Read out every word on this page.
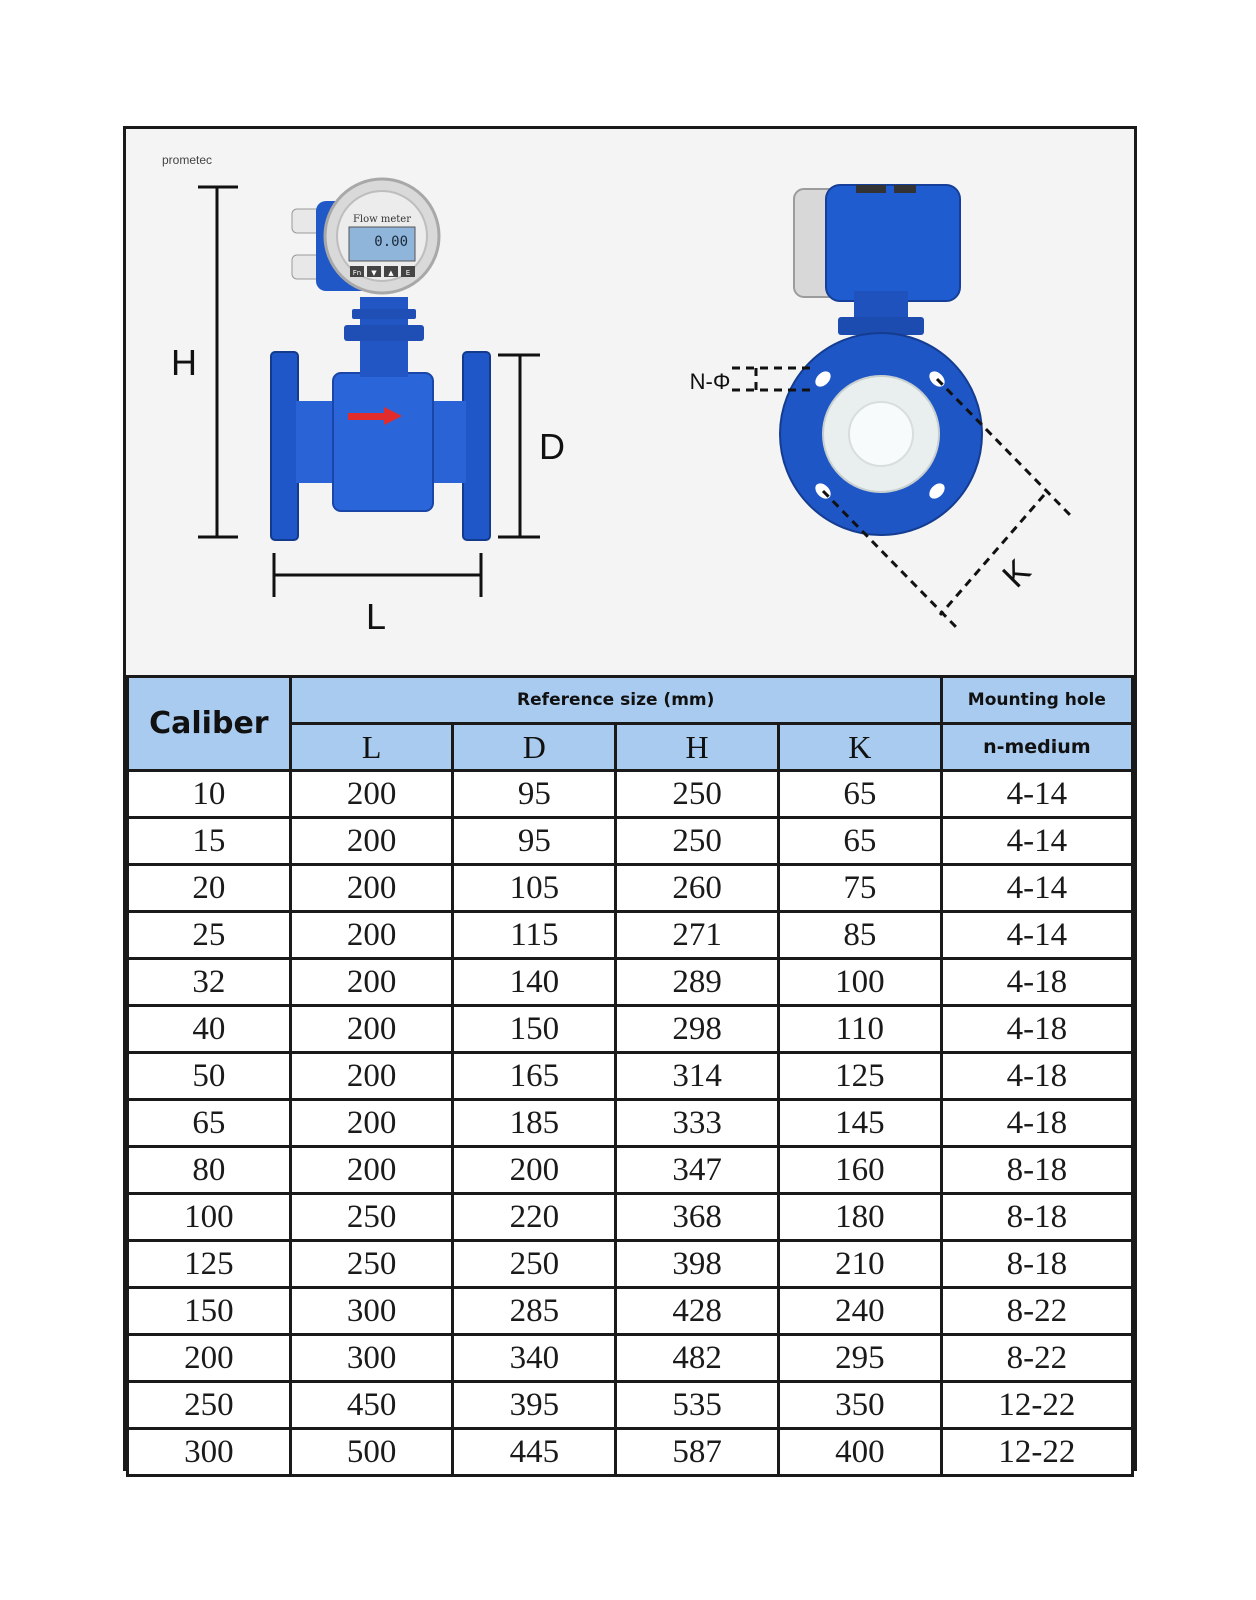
prometec
Flow meter
0.00
Fn ▼ ▲ E
H
D
L
N-Φ
K
Caliber	Reference size (mm)				Mounting hole
	L	D	H	K	n-medium
10	200	95	250	65	4-14
15	200	95	250	65	4-14
20	200	105	260	75	4-14
25	200	115	271	85	4-14
32	200	140	289	100	4-18
40	200	150	298	110	4-18
50	200	165	314	125	4-18
65	200	185	333	145	4-18
80	200	200	347	160	8-18
100	250	220	368	180	8-18
125	250	250	398	210	8-18
150	300	285	428	240	8-22
200	300	340	482	295	8-22
250	450	395	535	350	12-22
300	500	445	587	400	12-22
